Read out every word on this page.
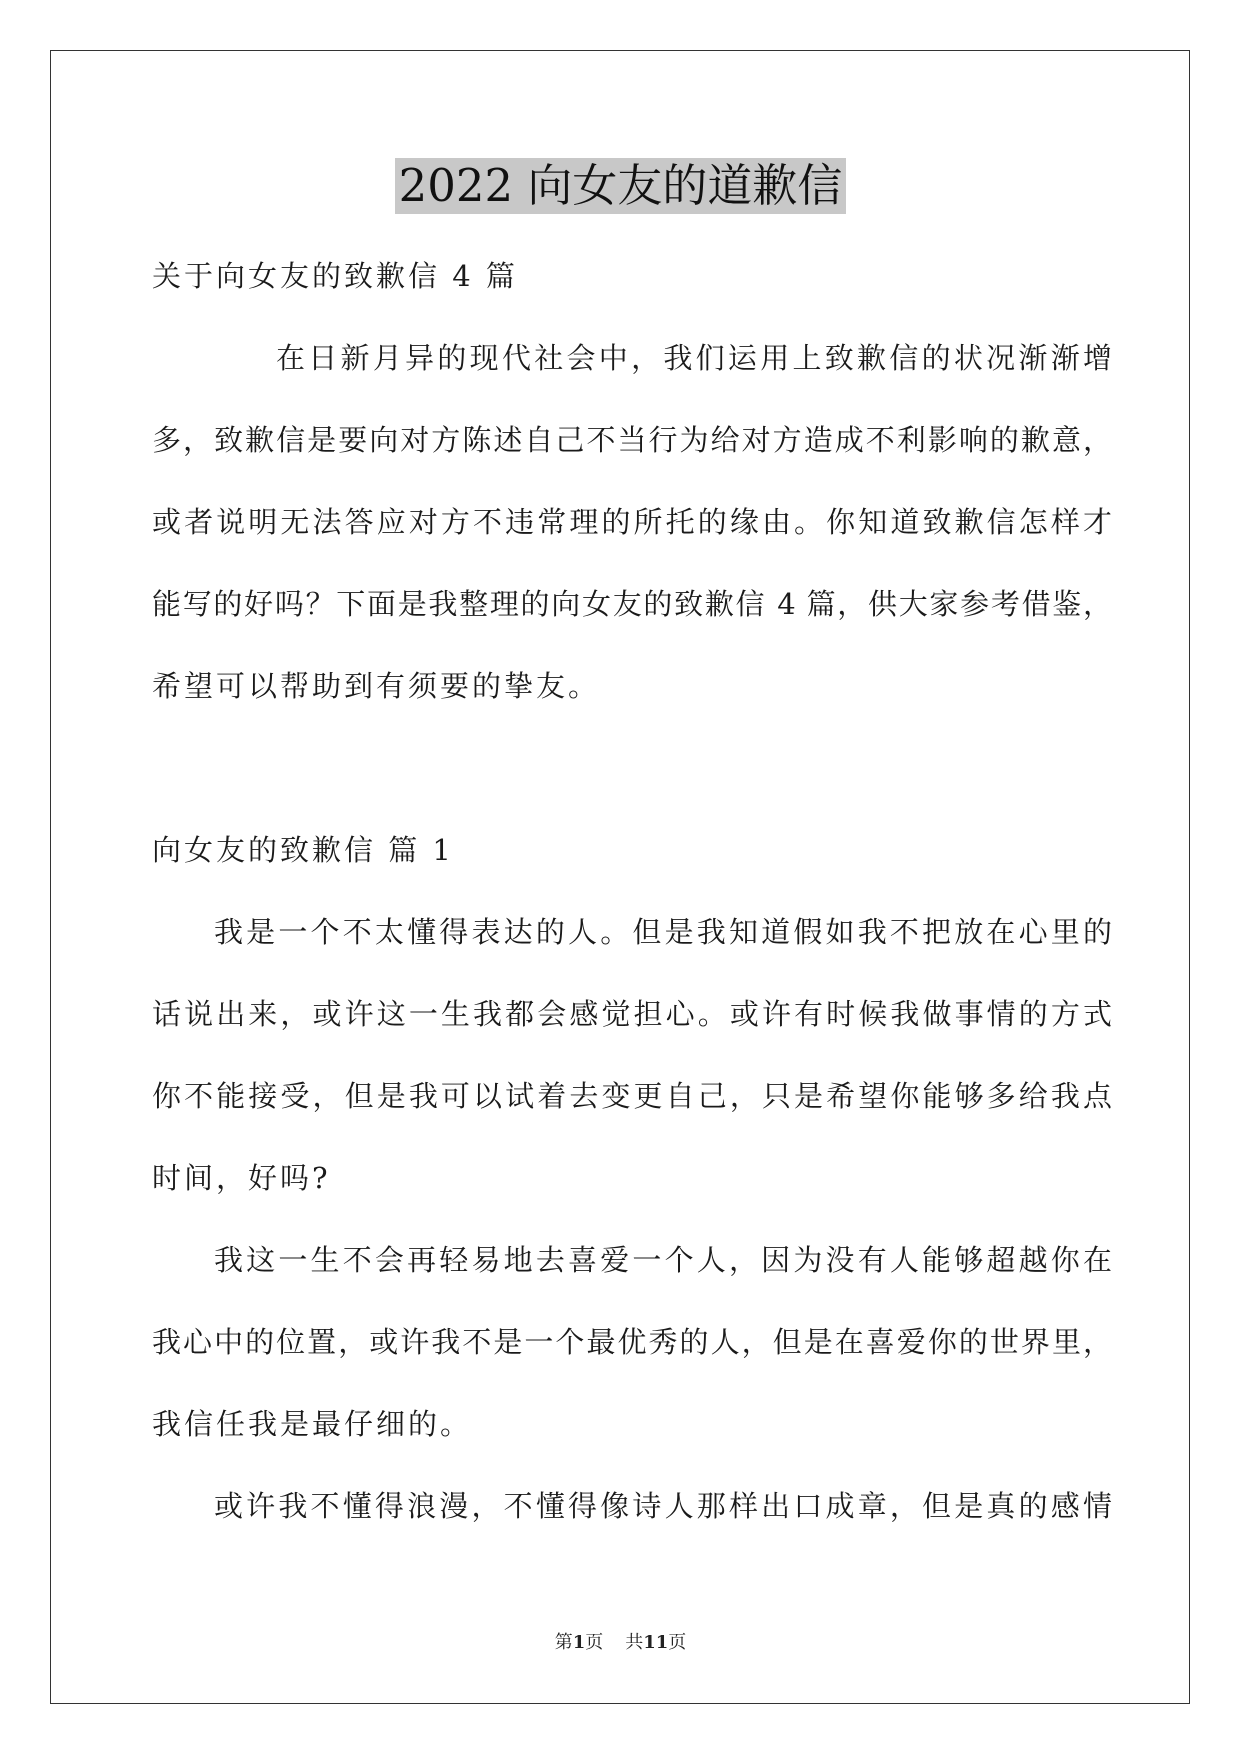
2022 向女友的道歉信
关于向女友的致歉信 4 篇
在日新月异的现代社会中，我们运用上致歉信的状况渐渐增
多，致歉信是要向对方陈述自己不当行为给对方造成不利影响的歉意，
或者说明无法答应对方不违常理的所托的缘由。你知道致歉信怎样才
能写的好吗？下面是我整理的向女友的致歉信 4 篇，供大家参考借鉴，
希望可以帮助到有须要的挚友。
向女友的致歉信 篇 1
我是一个不太懂得表达的人。但是我知道假如我不把放在心里的
话说出来，或许这一生我都会感觉担心。或许有时候我做事情的方式
你不能接受，但是我可以试着去变更自己，只是希望你能够多给我点
时间，好吗?
我这一生不会再轻易地去喜爱一个人，因为没有人能够超越你在
我心中的位置，或许我不是一个最优秀的人，但是在喜爱你的世界里，
我信任我是最仔细的。
或许我不懂得浪漫，不懂得像诗人那样出口成章，但是真的感情
第1页 共11页
